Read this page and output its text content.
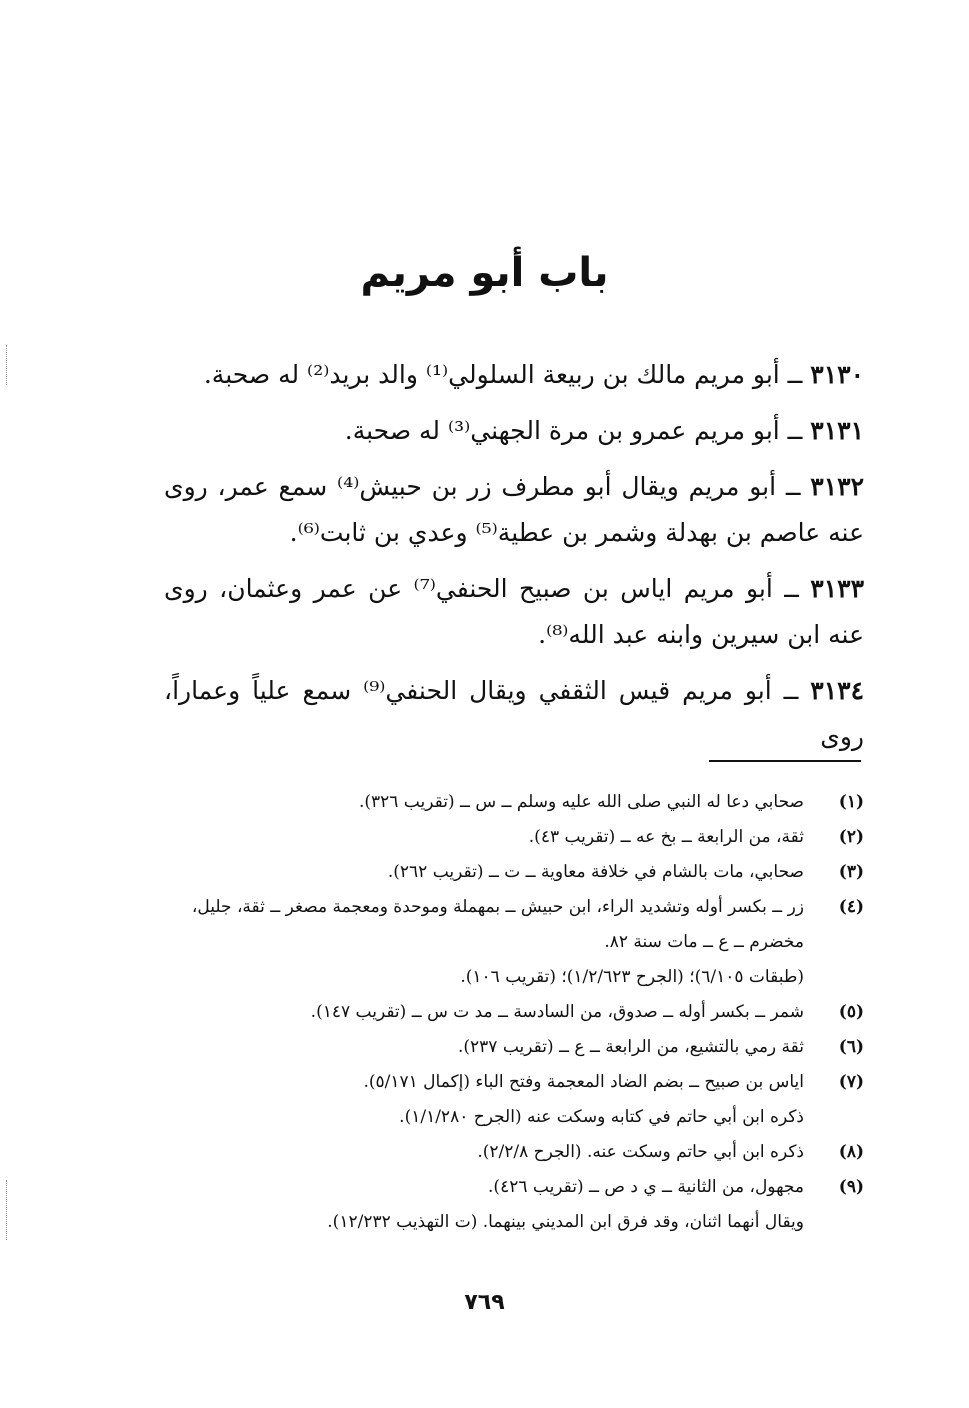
باب أبو مريم

٣١٣٠ ــ أبو مريم مالك بن ربيعة السلولي⁽¹⁾ والد بريد⁽²⁾ له صحبة.

٣١٣١ ــ أبو مريم عمرو بن مرة الجهني⁽³⁾ له صحبة.

٣١٣٢ ــ أبو مريم ويقال أبو مطرف زر بن حبيش⁽⁴⁾ سمع عمر، روى عنه عاصم بن بهدلة وشمر بن عطية⁽⁵⁾ وعدي بن ثابت⁽⁶⁾.

٣١٣٣ ــ أبو مريم اياس بن صبيح الحنفي⁽⁷⁾ عن عمر وعثمان، روى عنه ابن سيرين وابنه عبد الله⁽⁸⁾.

٣١٣٤ ــ أبو مريم قيس الثقفي ويقال الحنفي⁽⁹⁾ سمع علياً وعماراً، روى

(١)
صحابي دعا له النبي صلى الله عليه وسلم ــ س ــ (تقريب ٣٢٦).
(٢)
ثقة، من الرابعة ــ بخ عه ــ (تقريب ٤٣).
(٣)
صحابي، مات بالشام في خلافة معاوية ــ ت ــ (تقريب ٢٦٢).
(٤)
زر ــ بكسر أوله وتشديد الراء، ابن حبيش ــ بمهملة وموحدة ومعجمة مصغر ــ ثقة، جليل، مخضرم ــ ع ــ مات سنة ٨٢.
(طبقات ٦/١٠٥)؛ (الجرح ١/٢/٦٢٣)؛ (تقريب ١٠٦).
(٥)
شمر ــ بكسر أوله ــ صدوق، من السادسة ــ مد ت س ــ (تقريب ١٤٧).
(٦)
ثقة رمي بالتشيع، من الرابعة ــ ع ــ (تقريب ٢٣٧).
(٧)
اياس بن صبيح ــ بضم الضاد المعجمة وفتح الباء (إكمال ٥/١٧١).
ذكره ابن أبي حاتم في كتابه وسكت عنه (الجرح ١/١/٢٨٠).
(٨)
ذكره ابن أبي حاتم وسكت عنه. (الجرح ٢/٢/٨).
(٩)
مجهول، من الثانية ــ ي د ص ــ (تقريب ٤٢٦).
ويقال أنهما اثنان، وقد فرق ابن المديني بينهما. (ت التهذيب ١٢/٢٣٢).
٧٦٩
